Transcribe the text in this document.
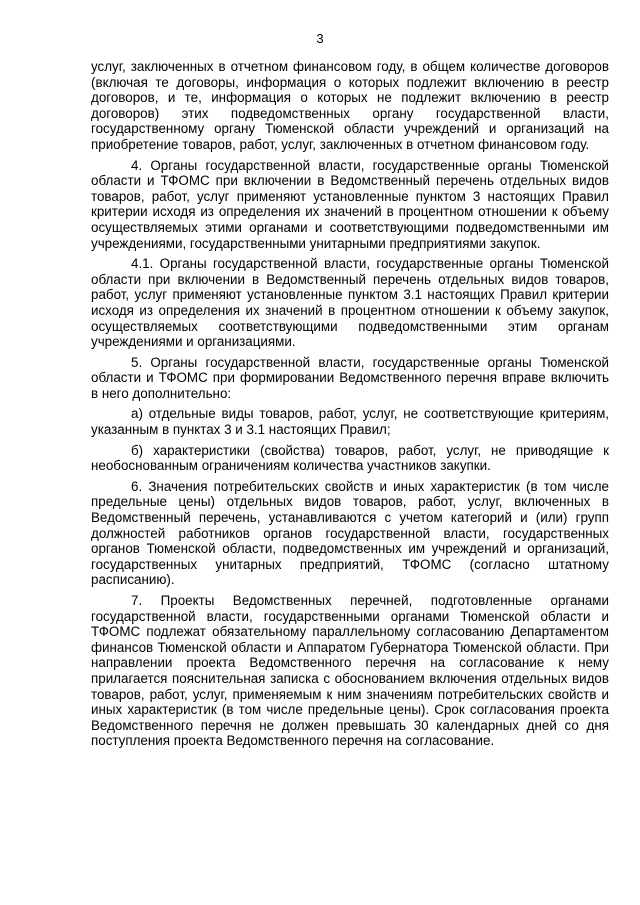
3

услуг, заключенных в отчетном финансовом году, в общем количестве договоров (включая те договоры, информация о которых подлежит включению в реестр договоров, и те, информация о которых не подлежит включению в реестр договоров) этих подведомственных органу государственной власти, государственному органу Тюменской области учреждений и организаций на приобретение товаров, работ, услуг, заключенных в отчетном финансовом году.

4. Органы государственной власти, государственные органы Тюменской области и ТФОМС при включении в Ведомственный перечень отдельных видов товаров, работ, услуг применяют установленные пунктом 3 настоящих Правил критерии исходя из определения их значений в процентном отношении к объему осуществляемых этими органами и соответствующими подведомственными им учреждениями, государственными унитарными предприятиями закупок.

4.1. Органы государственной власти, государственные органы Тюменской области при включении в Ведомственный перечень отдельных видов товаров, работ, услуг применяют установленные пунктом 3.1 настоящих Правил критерии исходя из определения их значений в процентном отношении к объему закупок, осуществляемых соответствующими подведомственными этим органам учреждениями и организациями.

5. Органы государственной власти, государственные органы Тюменской области и ТФОМС при формировании Ведомственного перечня вправе включить в него дополнительно:

а) отдельные виды товаров, работ, услуг, не соответствующие критериям, указанным в пунктах 3 и 3.1 настоящих Правил;

б) характеристики (свойства) товаров, работ, услуг, не приводящие к необоснованным ограничениям количества участников закупки.

6. Значения потребительских свойств и иных характеристик (в том числе предельные цены) отдельных видов товаров, работ, услуг, включенных в Ведомственный перечень, устанавливаются с учетом категорий и (или) групп должностей работников органов государственной власти, государственных органов Тюменской области, подведомственных им учреждений и организаций, государственных унитарных предприятий, ТФОМС (согласно штатному расписанию).

7. Проекты Ведомственных перечней, подготовленные органами государственной власти, государственными органами Тюменской области и ТФОМС подлежат обязательному параллельному согласованию Департаментом финансов Тюменской области и Аппаратом Губернатора Тюменской области. При направлении проекта Ведомственного перечня на согласование к нему прилагается пояснительная записка с обоснованием включения отдельных видов товаров, работ, услуг, применяемым к ним значениям потребительских свойств и иных характеристик (в том числе предельные цены). Срок согласования проекта Ведомственного перечня не должен превышать 30 календарных дней со дня поступления проекта Ведомственного перечня на согласование.
